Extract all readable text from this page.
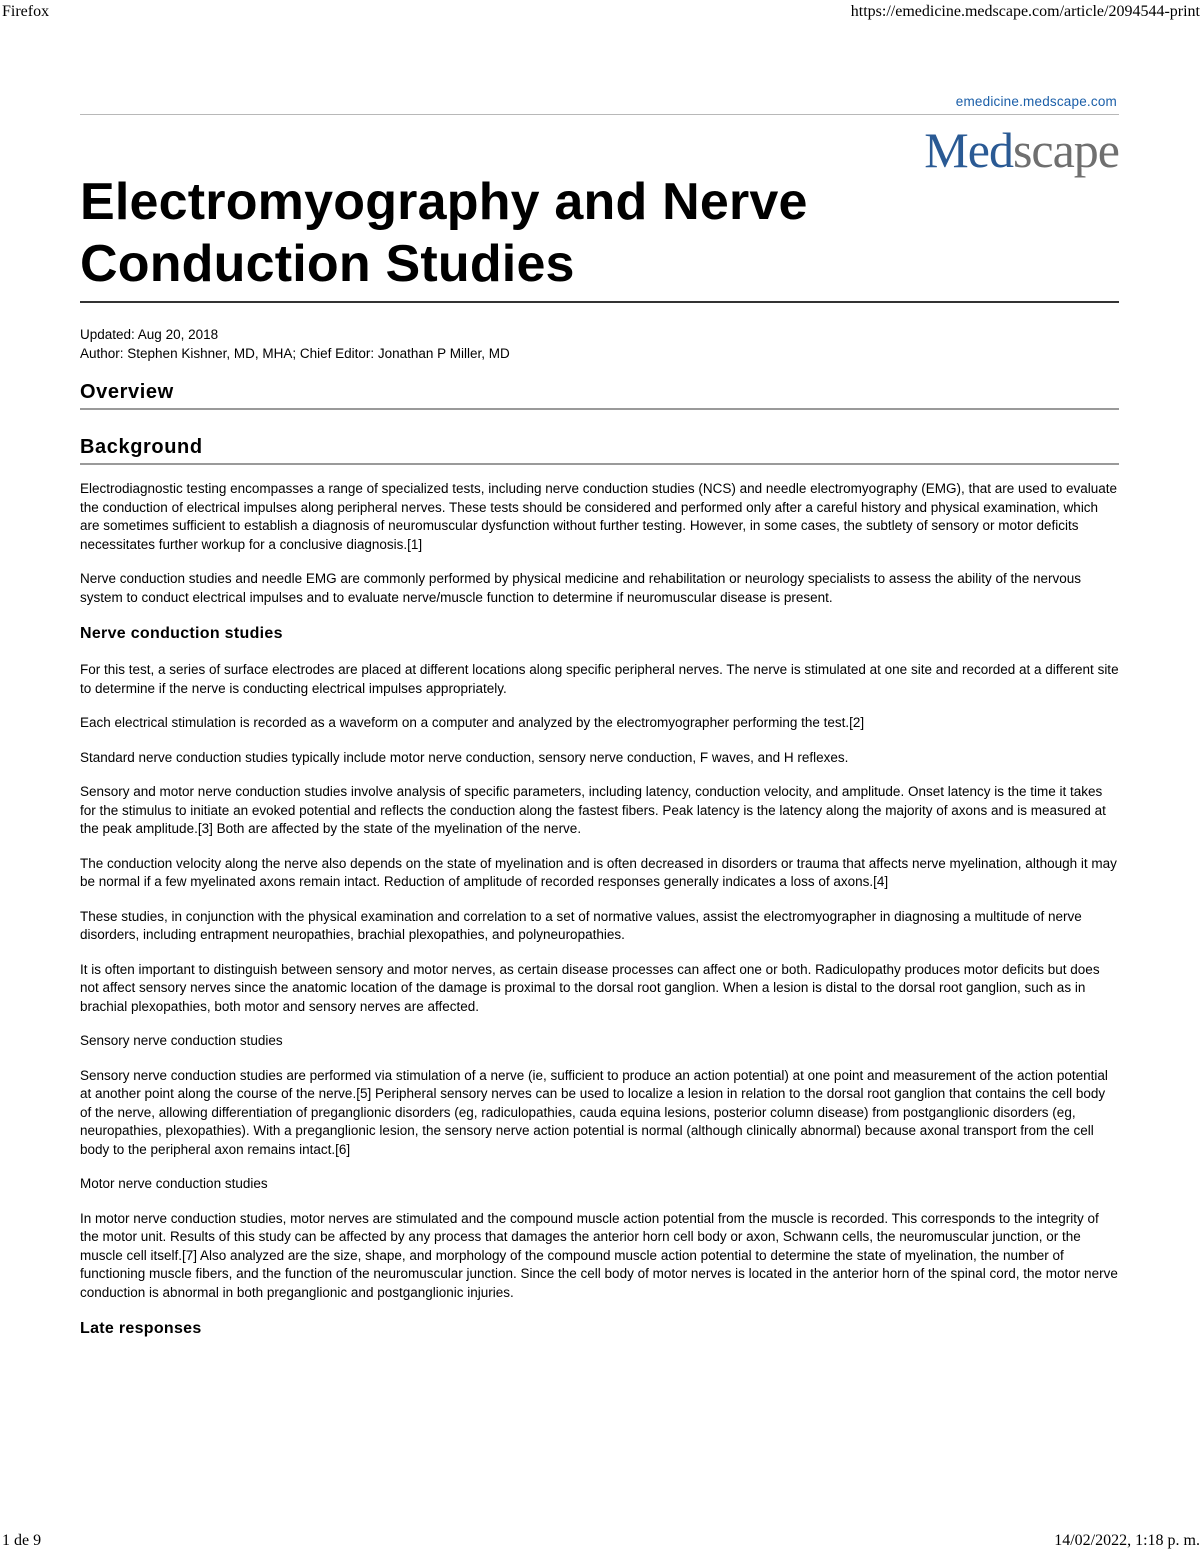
Firefox	https://emedicine.medscape.com/article/2094544-print
emedicine.medscape.com
Medscape
Electromyography and Nerve Conduction Studies
Updated: Aug 20, 2018
Author: Stephen Kishner, MD, MHA; Chief Editor: Jonathan P Miller, MD
Overview
Background

Electrodiagnostic testing encompasses a range of specialized tests, including nerve conduction studies (NCS) and needle electromyography (EMG), that are used to evaluate the conduction of electrical impulses along peripheral nerves. These tests should be considered and performed only after a careful history and physical examination, which are sometimes sufficient to establish a diagnosis of neuromuscular dysfunction without further testing. However, in some cases, the subtlety of sensory or motor deficits necessitates further workup for a conclusive diagnosis.[1]

Nerve conduction studies and needle EMG are commonly performed by physical medicine and rehabilitation or neurology specialists to assess the ability of the nervous system to conduct electrical impulses and to evaluate nerve/muscle function to determine if neuromuscular disease is present.

Nerve conduction studies

For this test, a series of surface electrodes are placed at different locations along specific peripheral nerves. The nerve is stimulated at one site and recorded at a different site to determine if the nerve is conducting electrical impulses appropriately.

Each electrical stimulation is recorded as a waveform on a computer and analyzed by the electromyographer performing the test.[2]

Standard nerve conduction studies typically include motor nerve conduction, sensory nerve conduction, F waves, and H reflexes.

Sensory and motor nerve conduction studies involve analysis of specific parameters, including latency, conduction velocity, and amplitude. Onset latency is the time it takes for the stimulus to initiate an evoked potential and reflects the conduction along the fastest fibers. Peak latency is the latency along the majority of axons and is measured at the peak amplitude.[3] Both are affected by the state of the myelination of the nerve.

The conduction velocity along the nerve also depends on the state of myelination and is often decreased in disorders or trauma that affects nerve myelination, although it may be normal if a few myelinated axons remain intact. Reduction of amplitude of recorded responses generally indicates a loss of axons.[4]

These studies, in conjunction with the physical examination and correlation to a set of normative values, assist the electromyographer in diagnosing a multitude of nerve disorders, including entrapment neuropathies, brachial plexopathies, and polyneuropathies.

It is often important to distinguish between sensory and motor nerves, as certain disease processes can affect one or both. Radiculopathy produces motor deficits but does not affect sensory nerves since the anatomic location of the damage is proximal to the dorsal root ganglion. When a lesion is distal to the dorsal root ganglion, such as in brachial plexopathies, both motor and sensory nerves are affected.

Sensory nerve conduction studies

Sensory nerve conduction studies are performed via stimulation of a nerve (ie, sufficient to produce an action potential) at one point and measurement of the action potential at another point along the course of the nerve.[5] Peripheral sensory nerves can be used to localize a lesion in relation to the dorsal root ganglion that contains the cell body of the nerve, allowing differentiation of preganglionic disorders (eg, radiculopathies, cauda equina lesions, posterior column disease) from postganglionic disorders (eg, neuropathies, plexopathies). With a preganglionic lesion, the sensory nerve action potential is normal (although clinically abnormal) because axonal transport from the cell body to the peripheral axon remains intact.[6]

Motor nerve conduction studies

In motor nerve conduction studies, motor nerves are stimulated and the compound muscle action potential from the muscle is recorded. This corresponds to the integrity of the motor unit. Results of this study can be affected by any process that damages the anterior horn cell body or axon, Schwann cells, the neuromuscular junction, or the muscle cell itself.[7] Also analyzed are the size, shape, and morphology of the compound muscle action potential to determine the state of myelination, the number of functioning muscle fibers, and the function of the neuromuscular junction. Since the cell body of motor nerves is located in the anterior horn of the spinal cord, the motor nerve conduction is abnormal in both preganglionic and postganglionic injuries.

Late responses
1 de 9	14/02/2022, 1:18 p. m.
